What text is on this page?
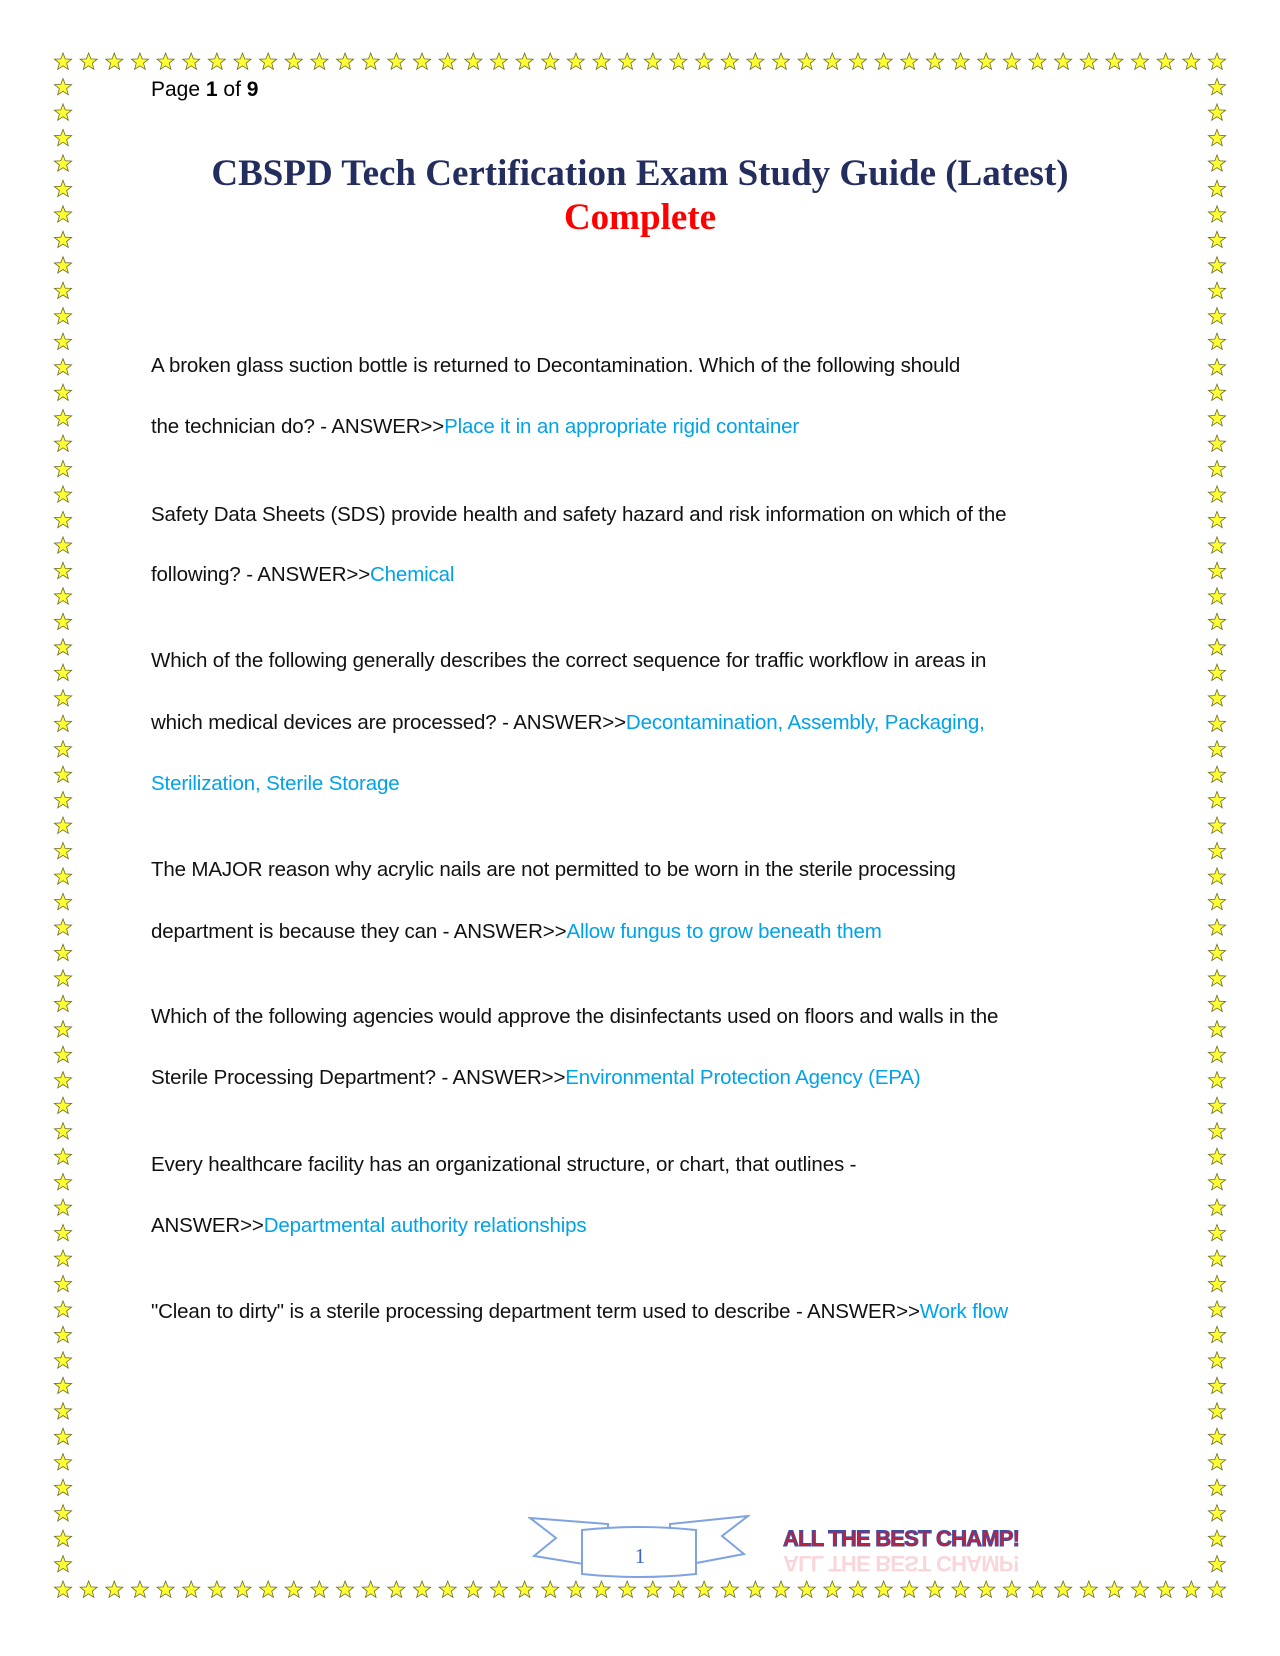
Page 1 of 9
CBSPD Tech Certification Exam Study Guide (Latest)
Complete
A broken glass suction bottle is returned to Decontamination. Which of the following should
the technician do? - ANSWER>>Place it in an appropriate rigid container
Safety Data Sheets (SDS) provide health and safety hazard and risk information on which of the
following? - ANSWER>>Chemical
Which of the following generally describes the correct sequence for traffic workflow in areas in
which medical devices are processed? - ANSWER>>Decontamination, Assembly, Packaging,
Sterilization, Sterile Storage
The MAJOR reason why acrylic nails are not permitted to be worn in the sterile processing
department is because they can - ANSWER>>Allow fungus to grow beneath them
Which of the following agencies would approve the disinfectants used on floors and walls in the
Sterile Processing Department? - ANSWER>>Environmental Protection Agency (EPA)
Every healthcare facility has an organizational structure, or chart, that outlines -
ANSWER>>Departmental authority relationships
"Clean to dirty" is a sterile processing department term used to describe - ANSWER>>Work flow
1
ALL THE BEST CHAMP!
ALL THE BEST CHAMP!
